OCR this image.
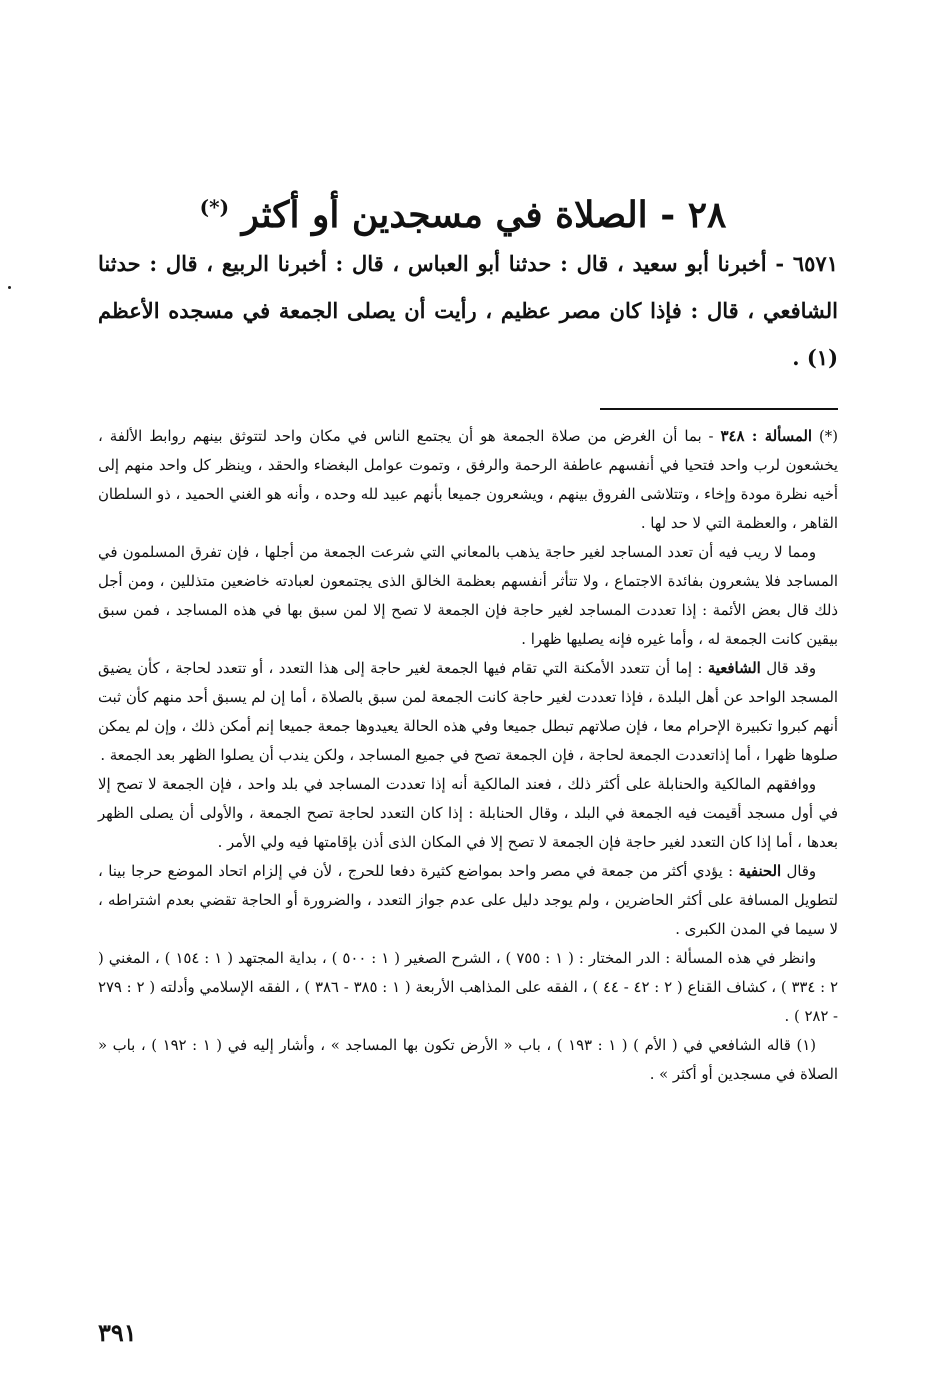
٢٨ - الصلاة في مسجدين أو أكثر (*)
٦٥٧١ - أخبرنا أبو سعيد ، قال : حدثنا أبو العباس ، قال : أخبرنا الربيع ، قال : حدثنا الشافعي ، قال : فإذا كان مصر عظيم ، رأيت أن يصلى الجمعة في مسجده الأعظم (١) .

(*) المسألة : ٣٤٨ - بما أن الغرض من صلاة الجمعة هو أن يجتمع الناس في مكان واحد لتتوثق بينهم روابط الألفة ، يخشعون لرب واحد فتحيا في أنفسهم عاطفة الرحمة والرفق ، وتموت عوامل البغضاء والحقد ، وينظر كل واحد منهم إلى أخيه نظرة مودة وإخاء ، وتتلاشى الفروق بينهم ، ويشعرون جميعا بأنهم عبيد لله وحده ، وأنه هو الغني الحميد ، ذو السلطان القاهر ، والعظمة التي لا حد لها .

ومما لا ريب فيه أن تعدد المساجد لغير حاجة يذهب بالمعاني التي شرعت الجمعة من أجلها ، فإن تفرق المسلمون في المساجد فلا يشعرون بفائدة الاجتماع ، ولا تتأثر أنفسهم بعظمة الخالق الذى يجتمعون لعبادته خاضعين متذللين ، ومن أجل ذلك قال بعض الأئمة : إذا تعددت المساجد لغير حاجة فإن الجمعة لا تصح إلا لمن سبق بها في هذه المساجد ، فمن سبق بيقين كانت الجمعة له ، وأما غيره فإنه يصليها ظهرا .

وقد قال الشافعية : إما أن تتعدد الأمكنة التي تقام فيها الجمعة لغير حاجة إلى هذا التعدد ، أو تتعدد لحاجة ، كأن يضيق المسجد الواحد عن أهل البلدة ، فإذا تعددت لغير حاجة كانت الجمعة لمن سبق بالصلاة ، أما إن لم يسبق أحد منهم كأن ثبت أنهم كبروا تكبيرة الإحرام معا ، فإن صلاتهم تبطل جميعا وفي هذه الحالة يعيدوها جمعة جميعا إنم أمكن ذلك ، وإن لم يمكن صلوها ظهرا ، أما إذاتعددت الجمعة لحاجة ، فإن الجمعة تصح في جميع المساجد ، ولكن يندب أن يصلوا الظهر بعد الجمعة .

ووافقهم المالكية والحنابلة على أكثر ذلك ، فعند المالكية أنه إذا تعددت المساجد في بلد واحد ، فإن الجمعة لا تصح إلا في أول مسجد أقيمت فيه الجمعة في البلد ، وقال الحنابلة : إذا كان التعدد لحاجة تصح الجمعة ، والأولى أن يصلى الظهر بعدها ، أما إذا كان التعدد لغير حاجة فإن الجمعة لا تصح إلا في المكان الذى أذن بإقامتها فيه ولي الأمر .

وقال الحنفية : يؤدي أكثر من جمعة في مصر واحد بمواضع كثيرة دفعا للحرج ، لأن في إلزام اتحاد الموضع حرجا بينا ، لتطويل المسافة على أكثر الحاضرين ، ولم يوجد دليل على عدم جواز التعدد ، والضرورة أو الحاجة تقضي بعدم اشتراطه ، لا سيما في المدن الكبرى .

وانظر في هذه المسألة : الدر المختار : ( ١ : ٧٥٥ ) ، الشرح الصغير ( ١ : ٥٠٠ ) ، بداية المجتهد ( ١ : ١٥٤ ) ، المغني ( ٢ : ٣٣٤ ) ، كشاف القناع ( ٢ : ٤٢ - ٤٤ ) ، الفقه على المذاهب الأربعة ( ١ : ٣٨٥ - ٣٨٦ ) ، الفقه الإسلامي وأدلته ( ٢ : ٢٧٩ - ٢٨٢ ) .

(١) قاله الشافعي في ( الأم ) ( ١ : ١٩٣ ) ، باب « الأرض تكون بها المساجد » ، وأشار إليه في ( ١ : ١٩٢ ) ، باب « الصلاة في مسجدين أو أكثر » .

٣٩١
